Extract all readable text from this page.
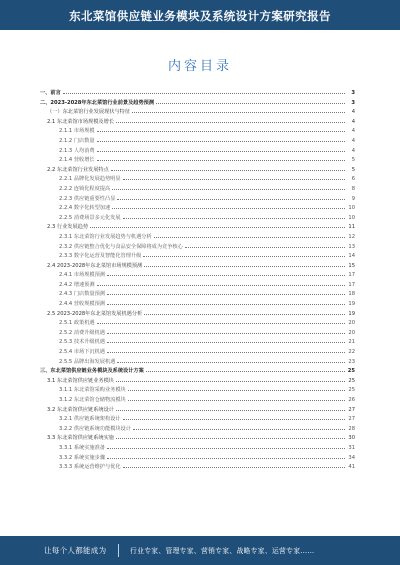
东北菜馆供应链业务模块及系统设计方案研究报告
内容目录
一、前言	3
二、2023-2028年东北菜馆行业前景及趋势预测	3
（一）东北菜馆行业发展现状与特征	4
2.1 东北菜馆市场规模及增长	4
2.1.1 市场规模	4
2.1.2 门店数量	4
2.1.3 人均消费	4
2.1.4 营收增长	5
2.2 东北菜馆行业发展特点	5
2.2.1 品牌化发展趋势明显	6
2.2.2 连锁化程度提高	8
2.2.3 供应链重要性凸显	9
2.2.4 数字化转型加速	10
2.2.5 消费场景多元化发展	10
2.3 行业发展趋势	11
2.3.1 东北菜馆行业发展趋势与机遇分析	12
2.3.2 供应链整合优化与食品安全保障将成为竞争核心	13
2.3.3 数字化运营及智能化管理升级	14
2.4 2023-2028年东北菜馆市场规模预测	15
2.4.1 市场规模预测	17
2.4.2 增速预测	17
2.4.3 门店数量预测	18
2.4.4 营收规模预测	19
2.5 2023-2028年东北菜馆发展机遇分析	19
2.5.1 政策机遇	20
2.5.2 消费升级机遇	20
2.5.3 技术升级机遇	21
2.5.4 市场下沉机遇	22
2.5.5 品牌出海发展机遇	23
三、东北菜馆供应链业务模块及系统设计方案	25
3.1 东北菜馆供应链业务模块	25
3.1.1 东北菜馆采购业务模块	25
3.1.2 东北菜馆仓储物流模块	26
3.2 东北菜馆供应链系统设计	27
3.2.1 供应链系统架构设计	27
3.2.2 供应链系统功能模块设计	28
3.3 东北菜馆供应链系统实施	30
3.3.1 系统实施准备	31
3.3.2 系统实施步骤	34
3.3.3 系统运营维护与优化	41
让每个人都能成为	行业专家、管理专家、营销专家、战略专家、运营专家……
